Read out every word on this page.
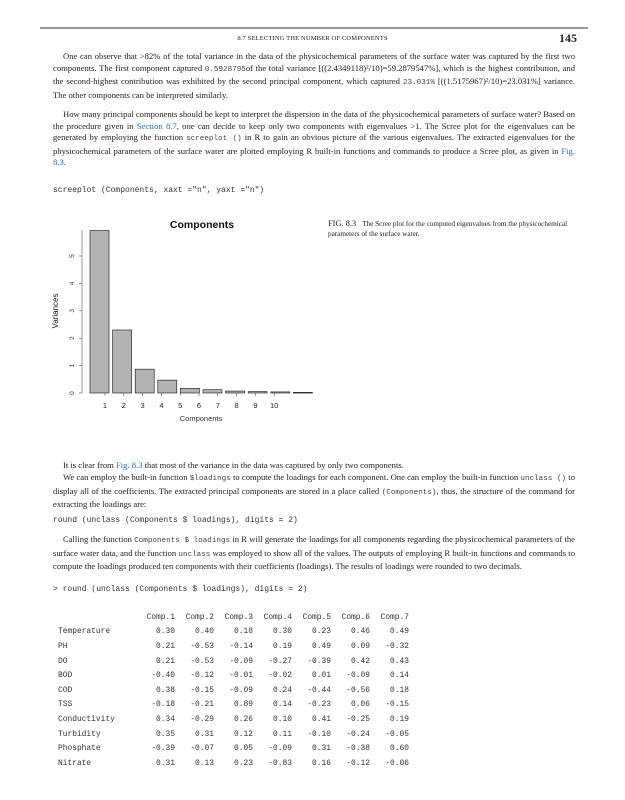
8.7 SELECTING THE NUMBER OF COMPONENTS	145
One can observe that >82% of the total variance in the data of the physicochemical parameters of the surface water was captured by the first two components. The first component captured 0.5928795of the total variance [((2.4349118)²/10)=59.2879547%], which is the highest contribution, and the second-highest contribution was exhibited by the second principal component, which captured 23.031% [((1.5175967)²/10)=23.031%] variance. The other components can be interpreted similarly.
How many principal components should be kept to interpret the dispersion in the data of the physicochemical parameters of surface water? Based on the procedure given in Section 8.7, one can decide to keep only two components with eigenvalues >1. The Scree plot for the eigenvalues can be generated by employing the function screeplot () in R to gain an obvious picture of the various eigenvalues. The extracted eigenvalues for the physicochemical parameters of the surface water are plotted employing R built-in functions and commands to produce a Scree plot, as given in Fig. 8.3.
screeplot (Components, xaxt ="n", yaxt ="n")
Components
0
1
2
3
4
5
Variances
1 2 3 4 5 6 7 8 9 10
Components
FIG. 8.3 The Scree plot for the computed eigenvalues from the physicochemical parameters of the surface water.
It is clear from Fig. 8.3 that most of the variance in the data was captured by only two components.
We can employ the built-in function $loadings to compute the loadings for each component. One can employ the built-in function unclass () to display all of the coefficients. The extracted principal components are stored in a place called (Components), thus, the structure of the command for extracting the loadings are:
round (unclass (Components $ loadings), digits = 2)
Calling the function Components $ loadings in R will generate the loadings for all components regarding the physicochemical parameters of the surface water data, and the function unclass was employed to show all of the values. The outputs of employing R built-in functions and commands to compute the loadings produced ten components with their coefficients (loadings). The results of loadings were rounded to two decimals.
> round (unclass (Components $ loadings), digits = 2)
	Comp.1	Comp.2	Comp.3	Comp.4	Comp.5	Comp.6	Comp.7
Temperature	0.30	0.40	0.18	0.30	0.23	0.46	0.49
PH	0.21	-0.53	-0.14	0.19	0.49	0.09	-0.32
DO	0.21	-0.53	-0.09	-0.27	-0.39	0.42	0.43
BOD	-0.40	-0.12	-0.01	-0.02	0.01	-0.09	0.14
COD	0.38	-0.15	-0.09	0.24	-0.44	-0.56	0.18
TSS	-0.18	-0.21	0.89	0.14	-0.23	0.06	-0.15
Conductivity	0.34	-0.29	0.26	0.10	0.41	-0.25	0.19
Turbidity	0.35	0.31	0.12	0.11	-0.10	-0.24	-0.05
Phosphate	-0.39	-0.07	0.05	-0.09	0.31	-0.38	0.60
Nitrate	0.31	0.13	0.23	-0.83	0.16	-0.12	-0.06
